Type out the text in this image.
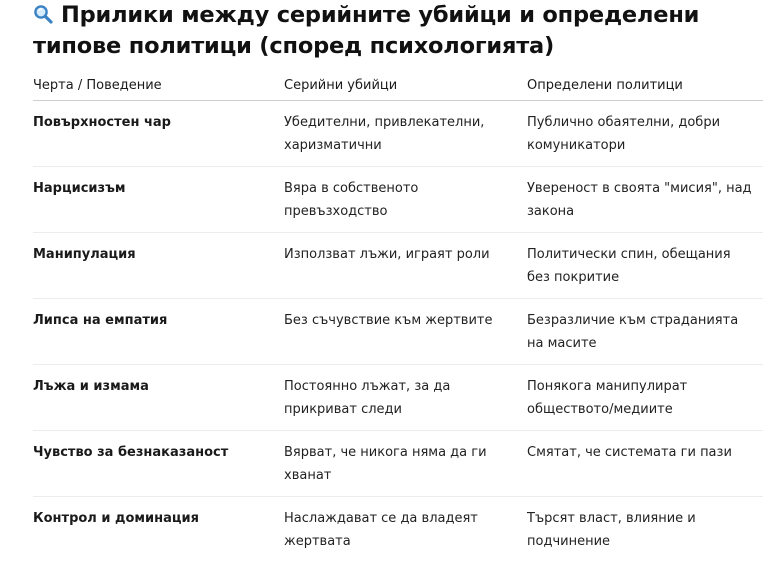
Прилики между серийните убийци и определени типове политици (според психологията)
Черта / Поведение	Серийни убийци	Определени политици

Повърхностен чар	Убедителни, привлекателни, харизматични	Публично обаятелни, добри комуникатори

Нарцисизъм	Вяра в собственото превъзходство	Увереност в своята "мисия", над закона

Манипулация	Използват лъжи, играят роли	Политически спин, обещания без покритие

Липса на емпатия	Без съчувствие към жертвите	Безразличие към страданията на масите

Лъжа и измама	Постоянно лъжат, за да прикриват следи	Понякога манипулират обществото/медиите

Чувство за безнаказаност	Вярват, че никога няма да ги хванат	Смятат, че системата ги пази

Контрол и доминация	Наслаждават се да владеят жертвата	Търсят власт, влияние и подчинение
